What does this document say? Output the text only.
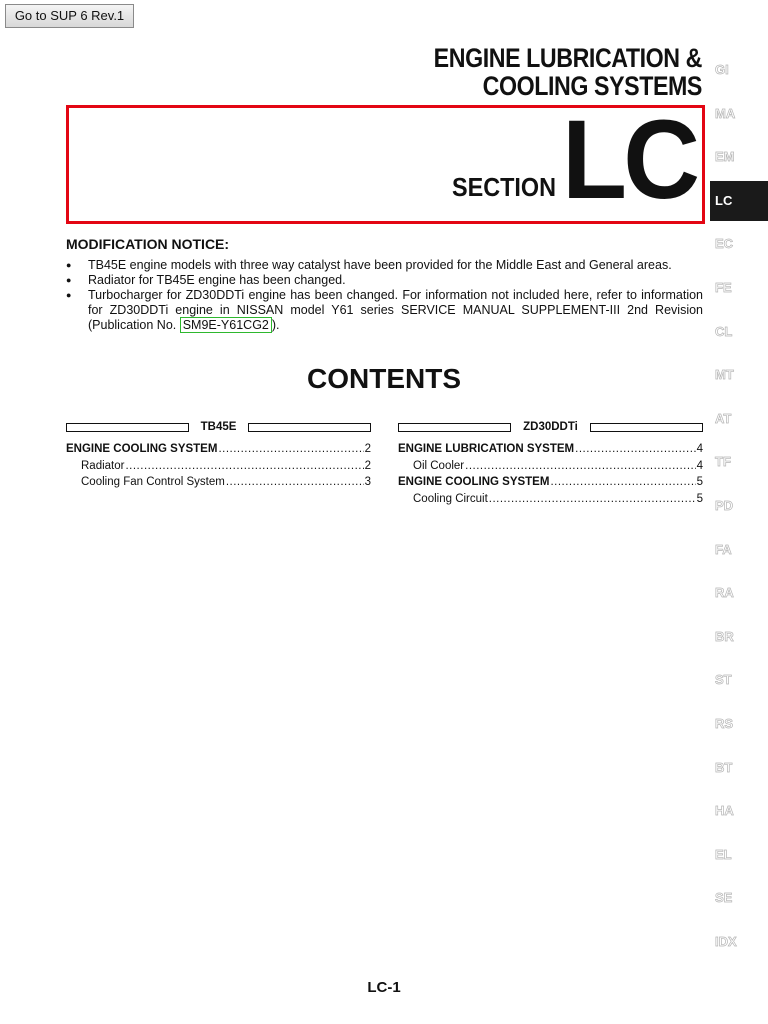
Go to SUP 6 Rev.1
ENGINE LUBRICATION &
COOLING SYSTEMS
SECTION LC
MODIFICATION NOTICE:
● TB45E engine models with three way catalyst have been provided for the Middle East and General areas.
● Radiator for TB45E engine has been changed.
● Turbocharger for ZD30DDTi engine has been changed. For information not included here, refer to information for ZD30DDTi engine in NISSAN model Y61 series SERVICE MANUAL SUPPLEMENT-III 2nd Revision (Publication No. SM9E-Y61CG2 ).
CONTENTS
TB45E
ENGINE COOLING SYSTEM .....	2
Radiator .....	2
Cooling Fan Control System .....	3
ZD30DDTi
ENGINE LUBRICATION SYSTEM .....	4
Oil Cooler .....	4
ENGINE COOLING SYSTEM .....	5
Cooling Circuit .....	5
GI
MA
EM
LC
EC
FE
CL
MT
AT
TF
PD
FA
RA
BR
ST
RS
BT
HA
EL
SE
IDX
LC-1
